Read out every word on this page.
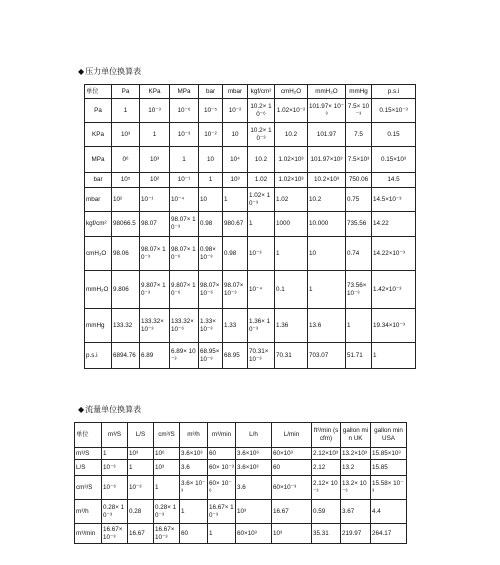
◆压力单位换算表
单位	Pa	KPa	MPa	bar	mbar	kgf/cm²	cmH₂O	mmH₂O	mmHg	p.s.i
Pa	1	10⁻³	10⁻⁶	10⁻⁵	10⁻²	10.2× 10⁻⁶	1.02×10⁻²	101.97× 10⁻³	7.5× 10⁻³	0.15×10⁻³
KPa	10³	1	10⁻³	10⁻²	10	10.2× 10⁻³	10.2	101.97	7.5	0.15
MPa	0⁶	10³	1	10	10⁴	10.2	1.02×10³	101.97×10³	7.5×10³	0.15×10³
bar	10⁵	10²	10⁻¹	1	10³	1.02	1.02×10³	10.2×10³	750.06	14.5
mbar	10²	10⁻¹	10⁻⁴	10	1	1.02× 10⁻³	1.02	10.2	0.75	14.5×10⁻³
kgf/cm²	98066.5	98.07	98.07× 10⁻³	0.98	980.67	1	1000	10.000	735.56	14.22
cmH₂O	98.06	98.07× 10⁻³	98.07× 10⁻⁶	0.98× 10⁻³	0.98	10⁻³	1	10	0.74	14.22×10⁻³
mmH₂O	9.806	9.807× 10⁻³	9.807× 10⁻⁶	98.07× 10⁻⁶	98.07× 10⁻³	10⁻⁴	0.1	1	73.56× 10⁻³	1.42×10⁻³
mmHg	133.32	133.32× 10⁻³	133.32× 10⁻⁶	1.33× 10⁻³	1.33	1.36× 10⁻³	1.36	13.6	1	19.34×10⁻³
p.s.i	6894.76	6.89	6.89× 10⁻³	68.95× 10⁻³	68.95	70.31× 10⁻³	70.31	703.07	51.71	1
◆流量单位换算表
单位	m³/S	L/S	cm³/S	m³/h	m³/min	L/h	L/min	ft³/min (scfm)	gallon min UK	gallon min USA
m³/S	1	10³	10⁶	3.6×10³	60	3.6×10⁶	60×10³	2.12×10³	13.2×10³	15.85×10³
L/S	10⁻³	1	10³	3.6	60× 10⁻³	3.6×10³	60	2.12	13.2	15.85
cm³/S	10⁻⁶	10⁻³	1	3.6× 10⁻³	60× 10⁻⁶	3.6	60×10⁻³	2.12× 10⁻³	13.2× 10⁻³	15.58× 10⁻³
m³/h	0.28× 10⁻³	0.28	0.28× 10⁻³	1	16.67× 10⁻³	10³	16.67	0.59	3.67	4.4
m³/min	16.67× 10⁻³	16.67	16.67× 10⁻³	60	1	60×10³	10³	35.31	219.97	264.17
